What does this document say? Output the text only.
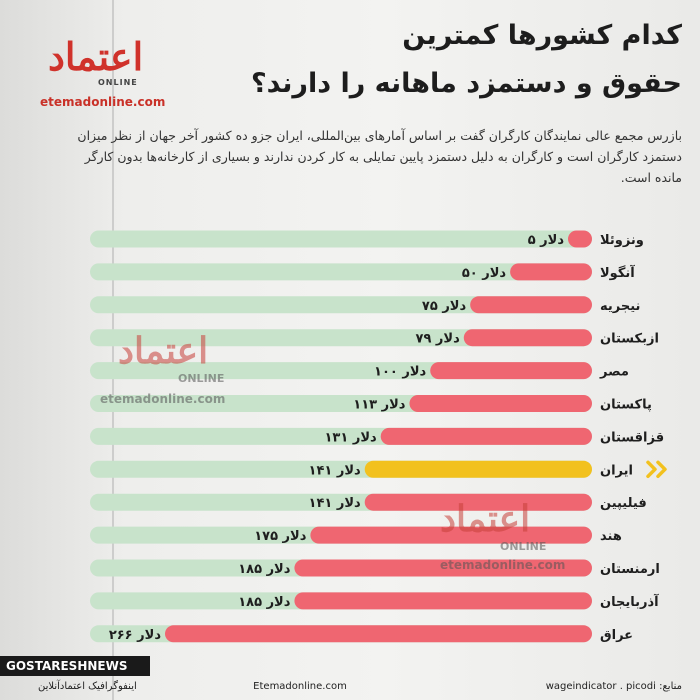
اعتماد
ONLINE
etemadonline.com
کدام کشورها کمترین
حقوق و دستمزد ماهانه را دارند؟
بازرس مجمع عالی نمایندگان کارگران گفت بر اساس آمارهای بین‌المللی، ایران جزو ده کشور آخر جهان از نظر میزان دستمزد کارگران است و کارگران به دلیل دستمزد پایین تمایلی به کار کردن ندارند و بسیاری از کارخانه‌ها بدون کارگر مانده است.
۵ دلار	ونزوئلا
۵۰ دلار	آنگولا
۷۵ دلار	نیجریه
۷۹ دلار	ازبکستان
۱۰۰ دلار	مصر
۱۱۳ دلار	پاکستان
۱۳۱ دلار	قزاقستان
۱۴۱ دلار	ایران
۱۴۱ دلار	فیلیپین
۱۷۵ دلار	هند
۱۸۵ دلار	ارمنستان
۱۸۵ دلار	آذربایجان
۲۶۶ دلار	عراق
اعتماد
ONLINE
etemadonline.com
اعتماد
ONLINE
etemadonline.com
GOSTARESHNEWS
اینفوگرافیک اعتمادآنلاین	Etemadonline.com	منابع: wageindicator . picodi
